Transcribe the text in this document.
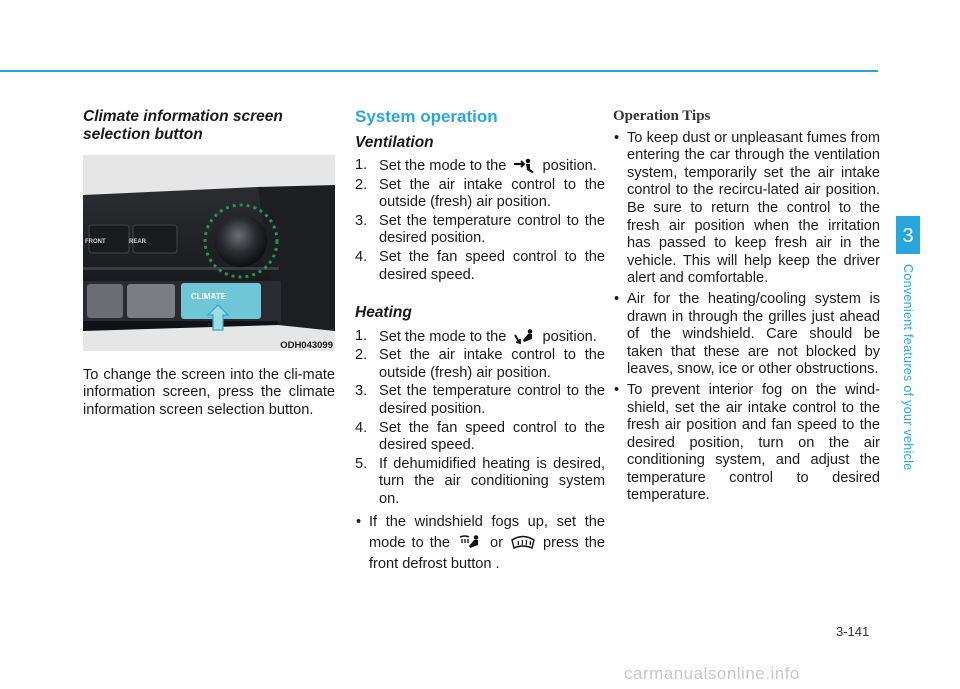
Climate information screen selection button
FRONT	REAR
CLIMATE
ODH043099

To change the screen into the cli-mate information screen, press the climate information screen selection button.

System operation
Ventilation
1. Set the mode to the position.
2. Set the air intake control to the outside (fresh) air position.
3. Set the temperature control to the desired position.
4. Set the fan speed control to the desired speed.
Heating
1. Set the mode to the position.
2. Set the air intake control to the outside (fresh) air position.
3. Set the temperature control to the desired position.
4. Set the fan speed control to the desired speed.
5. If dehumidified heating is desired, turn the air conditioning system on.
• If the windshield fogs up, set the mode to the	or	press the front defrost button .
Operation Tips
• To keep dust or unpleasant fumes from entering the car through the ventilation system, temporarily set the air intake control to the recircu-lated air position. Be sure to return the control to the fresh air position when the irritation has passed to keep fresh air in the vehicle. This will help keep the driver alert and comfortable.
• Air for the heating/cooling system is drawn in through the grilles just ahead of the windshield. Care should be taken that these are not blocked by leaves, snow, ice or other obstructions.
• To prevent interior fog on the wind-shield, set the air intake control to the fresh air position and fan speed to the desired position, turn on the air conditioning system, and adjust the temperature control to desired temperature.
3
Convenient features of your vehicle
3-141
carmanualsonline.info
